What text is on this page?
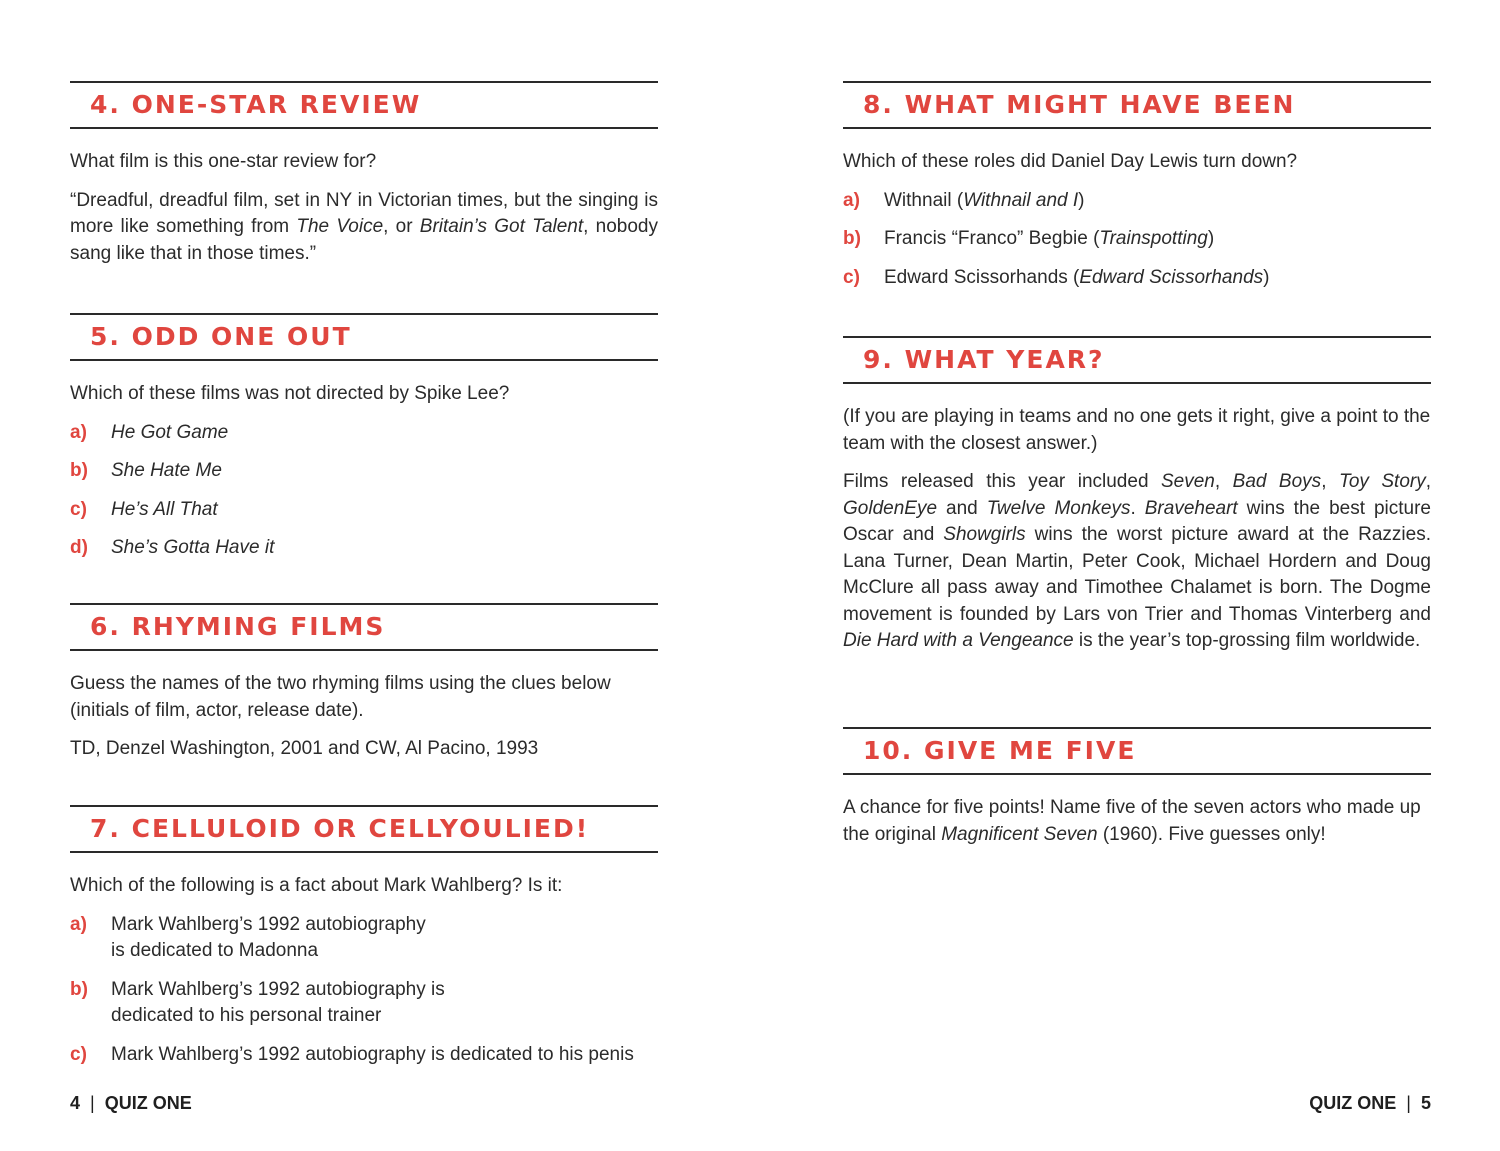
4. ONE-STAR REVIEW

What film is this one-star review for?

“Dreadful, dreadful film, set in NY in Victorian times, but the singing is more like something from The Voice, or Britain’s Got Talent, nobody sang like that in those times.”

5. ODD ONE OUT

Which of these films was not directed by Spike Lee?

a) He Got Game
b) She Hate Me
c) He’s All That
d) She’s Gotta Have it
6. RHYMING FILMS

Guess the names of the two rhyming films using the clues below (initials of film, actor, release date).

TD, Denzel Washington, 2001 and CW, Al Pacino, 1993

7. CELLULOID OR CELLYOULIED!

Which of the following is a fact about Mark Wahlberg? Is it:

a) Mark Wahlberg’s 1992 autobiography
is dedicated to Madonna
b) Mark Wahlberg’s 1992 autobiography is
dedicated to his personal trainer
c) Mark Wahlberg’s 1992 autobiography is dedicated to his penis
4 | QUIZ ONE
8. WHAT MIGHT HAVE BEEN

Which of these roles did Daniel Day Lewis turn down?

a) Withnail (Withnail and I)
b) Francis “Franco” Begbie (Trainspotting)
c) Edward Scissorhands (Edward Scissorhands)
9. WHAT YEAR?

(If you are playing in teams and no one gets it right, give a point to the team with the closest answer.)

Films released this year included Seven, Bad Boys, Toy Story, GoldenEye and Twelve Monkeys. Braveheart wins the best picture Oscar and Showgirls wins the worst picture award at the Razzies. Lana Turner, Dean Martin, Peter Cook, Michael Hordern and Doug McClure all pass away and Timothee Chalamet is born. The Dogme movement is founded by Lars von Trier and Thomas Vinterberg and Die Hard with a Vengeance is the year’s top-grossing film worldwide.

10. GIVE ME FIVE

A chance for five points! Name five of the seven actors who made up the original Magnificent Seven (1960). Five guesses only!

QUIZ ONE | 5
